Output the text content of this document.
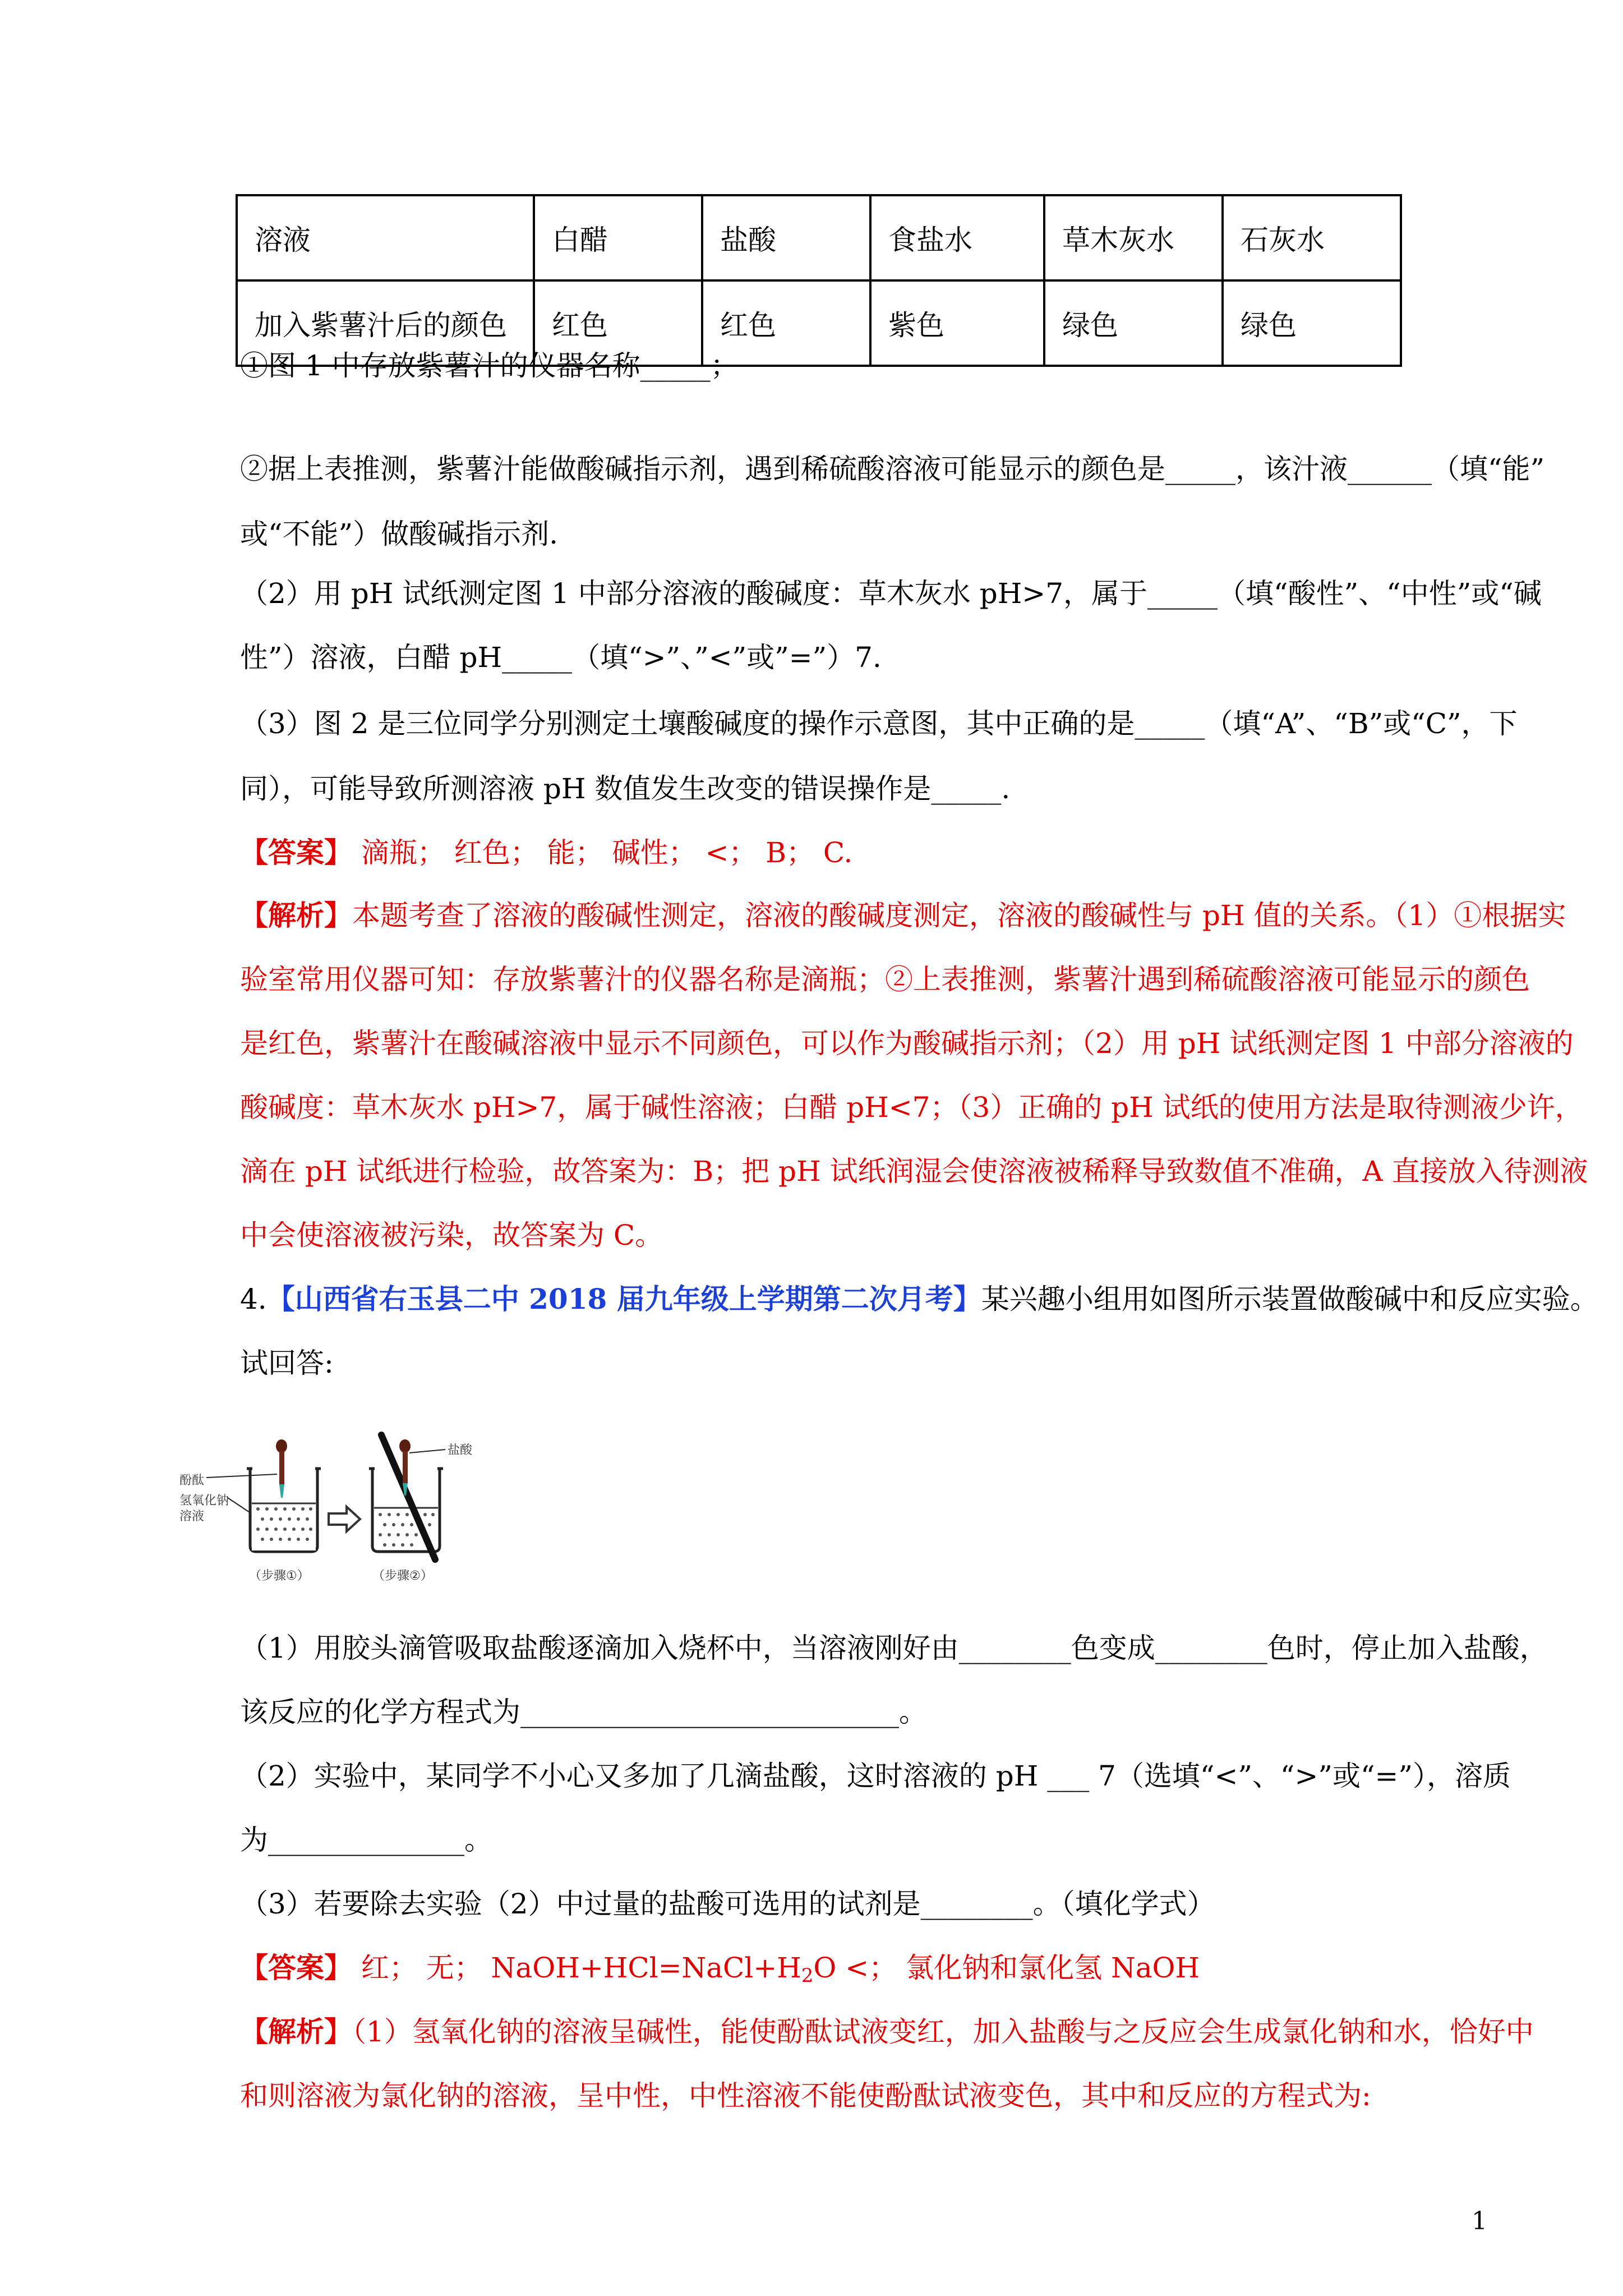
溶液	白醋	盐酸	食盐水	草木灰水	石灰水
加入紫薯汁后的颜色	红色	红色	紫色	绿色	绿色
①图 1 中存放紫薯汁的仪器名称_____；
②据上表推测，紫薯汁能做酸碱指示剂，遇到稀硫酸溶液可能显示的颜色是_____，该汁液______（填“能”
或“不能”）做酸碱指示剂.
（2）用 pH 试纸测定图 1 中部分溶液的酸碱度：草木灰水 pH>7，属于_____（填“酸性”、“中性”或“碱
性”）溶液，白醋 pH_____（填“>”、”<”或”=”）7.
（3）图 2 是三位同学分别测定土壤酸碱度的操作示意图，其中正确的是_____（填“A”、“B”或“C”，下
同），可能导致所测溶液 pH 数值发生改变的错误操作是_____.
【答案】 滴瓶； 红色； 能； 碱性； <； B； C.
【解析】本题考查了溶液的酸碱性测定，溶液的酸碱度测定，溶液的酸碱性与 pH 值的关系。（1）①根据实
验室常用仪器可知：存放紫薯汁的仪器名称是滴瓶；②上表推测，紫薯汁遇到稀硫酸溶液可能显示的颜色
是红色，紫薯汁在酸碱溶液中显示不同颜色，可以作为酸碱指示剂；（2）用 pH 试纸测定图 1 中部分溶液的
酸碱度：草木灰水 pH>7，属于碱性溶液；白醋 pH<7；（3）正确的 pH 试纸的使用方法是取待测液少许，
滴在 pH 试纸进行检验，故答案为：B；把 pH 试纸润湿会使溶液被稀释导致数值不准确，A 直接放入待测液
中会使溶液被污染，故答案为 C。
4.【山西省右玉县二中 2018 届九年级上学期第二次月考】某兴趣小组用如图所示装置做酸碱中和反应实验。
试回答:
酚酞
氢氧化钠
溶液
盐酸
（步骤①）	（步骤②）
（1）用胶头滴管吸取盐酸逐滴加入烧杯中，当溶液刚好由________色变成________色时，停止加入盐酸，
该反应的化学方程式为___________________________。
（2）实验中，某同学不小心又多加了几滴盐酸，这时溶液的 pH ___ 7（选填“<”、“>”或“=”），溶质
为______________。
（3）若要除去实验（2）中过量的盐酸可选用的试剂是________。（填化学式）
【答案】 红； 无； $NaOH+HCl=NaCl+H_2O$ <； 氯化钠和氯化氢 NaOH
【解析】（1）氢氧化钠的溶液呈碱性，能使酚酞试液变红，加入盐酸与之反应会生成氯化钠和水，恰好中
和则溶液为氯化钠的溶液，呈中性，中性溶液不能使酚酞试液变色，其中和反应的方程式为:
1
